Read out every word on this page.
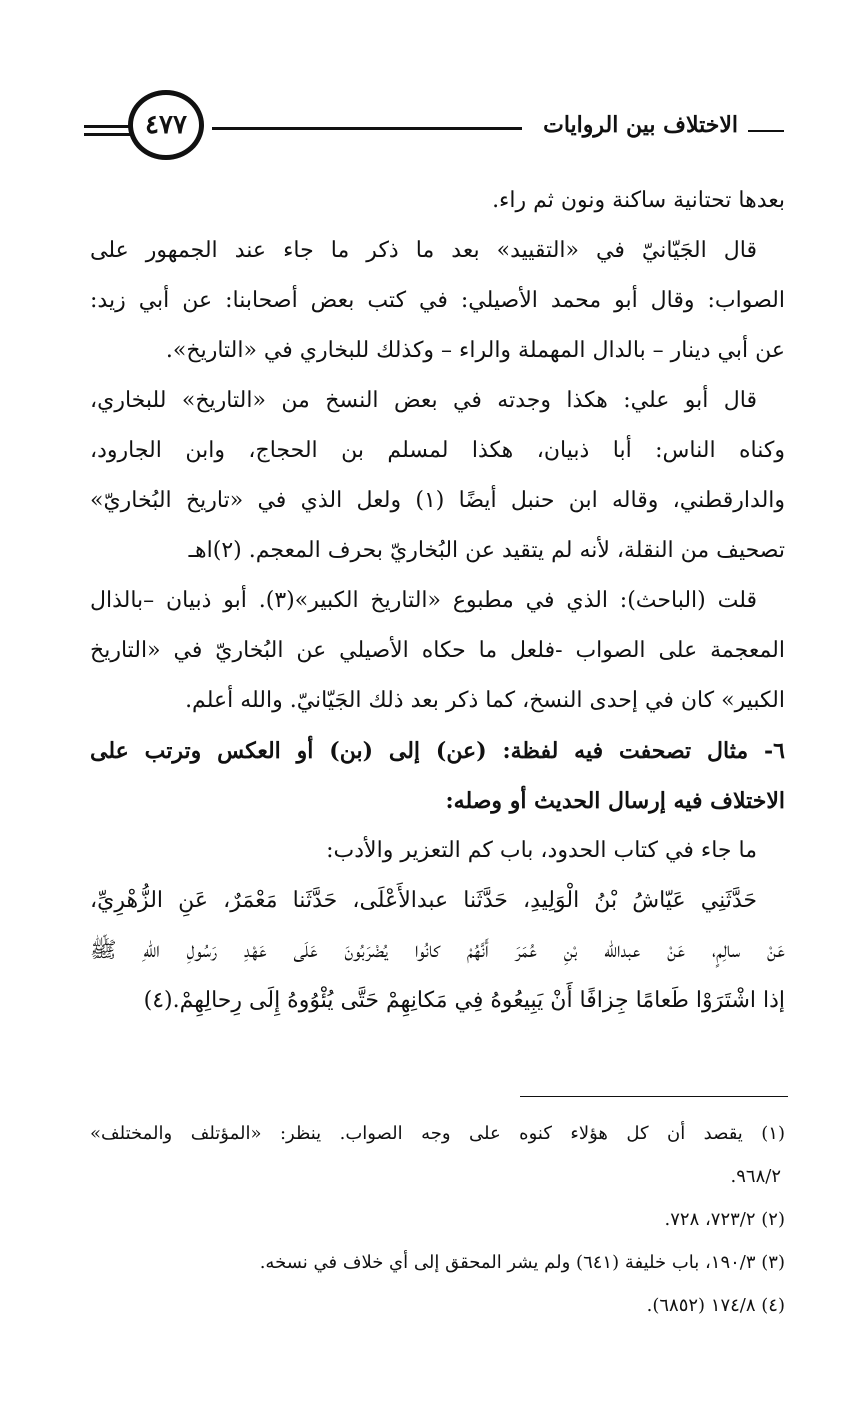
الاختلاف بين الروايات
٤٧٧
بعدها تحتانية ساكنة ونون ثم راء.
قال الجَيّانيّ في «التقييد» بعد ما ذكر ما جاء عند الجمهور على
الصواب: وقال أبو محمد الأصيلي: في كتب بعض أصحابنا: عن أبي زيد:
عن أبي دينار – بالدال المهملة والراء – وكذلك للبخاري في «التاريخ».
قال أبو علي: هكذا وجدته في بعض النسخ من «التاريخ» للبخاري،
وكناه الناس: أبا ذبيان، هكذا لمسلم بن الحجاج، وابن الجارود،
والدارقطني، وقاله ابن حنبل أيضًا (١) ولعل الذي في «تاريخ البُخاريّ»
تصحيف من النقلة، لأنه لم يتقيد عن البُخاريّ بحرف المعجم. (٢)اهـ
قلت (الباحث): الذي في مطبوع «التاريخ الكبير»(٣). أبو ذبيان –بالذال
المعجمة على الصواب -فلعل ما حكاه الأصيلي عن البُخاريّ في «التاريخ
الكبير» كان في إحدى النسخ، كما ذكر بعد ذلك الجَيّانيّ. والله أعلم.
٦- مثال تصحفت فيه لفظة: (عن) إلى (بن) أو العكس وترتب على
الاختلاف فيه إرسال الحديث أو وصله:
ما جاء في كتاب الحدود، باب كم التعزير والأدب:
حَدَّثَنِي عَيّاشُ بْنُ الْوَلِيدِ، حَدَّثَنا عبدالأَعْلَى، حَدَّثَنا مَعْمَرٌ، عَنِ الزُّهْرِيِّ،
عَنْ سالِمٍ، عَنْ عبدالله بْنِ عُمَرَ أَنَّهُمْ كانُوا يُضْرَبُونَ عَلَى عَهْدِ رَسُولِ اللهِ ﷺ
إذا اشْتَرَوْا طَعامًا جِزافًا أَنْ يَبِيعُوهُ فِي مَكانِهِمْ حَتَّى يُئْوُوهُ إِلَى رِحالِهِمْ.(٤)
(١) يقصد أن كل هؤلاء كنوه على وجه الصواب. ينظر: «المؤتلف والمختلف»
٩٦٨/٢.
(٢) ٧٢٣/٢، ٧٢٨.
(٣) ١٩٠/٣، باب خليفة (٦٤١) ولم يشر المحقق إلى أي خلاف في نسخه.
(٤) ١٧٤/٨ (٦٨٥٢).
